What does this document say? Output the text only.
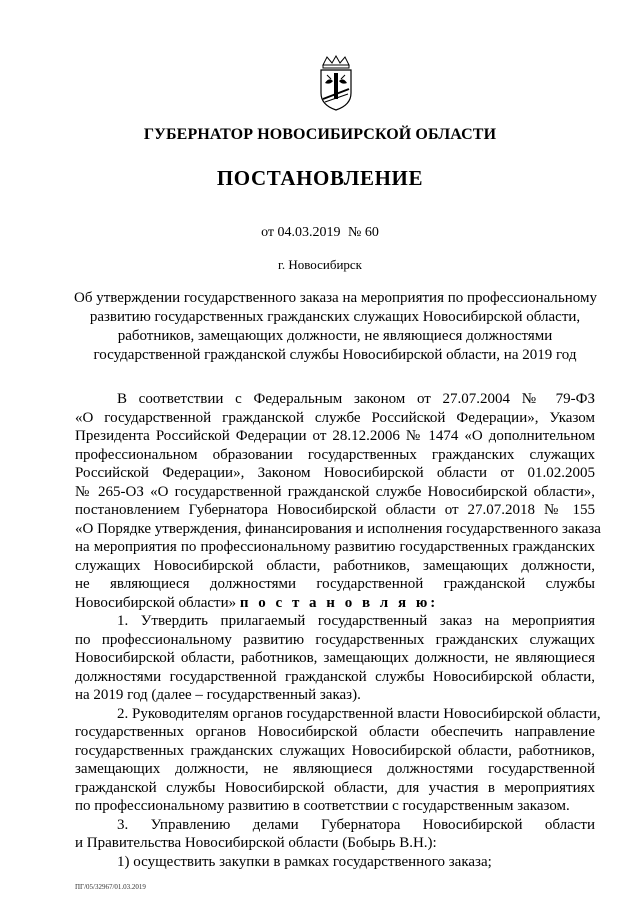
ГУБЕРНАТОР НОВОСИБИРСКОЙ ОБЛАСТИ
ПОСТАНОВЛЕНИЕ
от 04.03.2019 № 60
г. Новосибирск
Об утверждении государственного заказа на мероприятия по профессиональному
развитию государственных гражданских служащих Новосибирской области,
работников, замещающих должности, не являющиеся должностями
государственной гражданской службы Новосибирской области, на 2019 год
В соответствии с Федеральным законом от 27.07.2004 № 79-ФЗ
«О государственной гражданской службе Российской Федерации», Указом
Президента Российской Федерации от 28.12.2006 № 1474 «О дополнительном
профессиональном образовании государственных гражданских служащих
Российской Федерации», Законом Новосибирской области от 01.02.2005
№ 265-ОЗ «О государственной гражданской службе Новосибирской области»,
постановлением Губернатора Новосибирской области от 27.07.2018 № 155
«О Порядке утверждения, финансирования и исполнения государственного заказа
на мероприятия по профессиональному развитию государственных гражданских
служащих Новосибирской области, работников, замещающих должности,
не являющиеся должностями государственной гражданской службы
Новосибирской области» п о с т а н о в л я ю:
1. Утвердить прилагаемый государственный заказ на мероприятия
по профессиональному развитию государственных гражданских служащих
Новосибирской области, работников, замещающих должности, не являющиеся
должностями государственной гражданской службы Новосибирской области,
на 2019 год (далее – государственный заказ).
2. Руководителям органов государственной власти Новосибирской области,
государственных органов Новосибирской области обеспечить направление
государственных гражданских служащих Новосибирской области, работников,
замещающих должности, не являющиеся должностями государственной
гражданской службы Новосибирской области, для участия в мероприятиях
по профессиональному развитию в соответствии с государственным заказом.
3. Управлению делами Губернатора Новосибирской области
и Правительства Новосибирской области (Бобырь В.Н.):
1) осуществить закупки в рамках государственного заказа;
ПГ/05/32967/01.03.2019
